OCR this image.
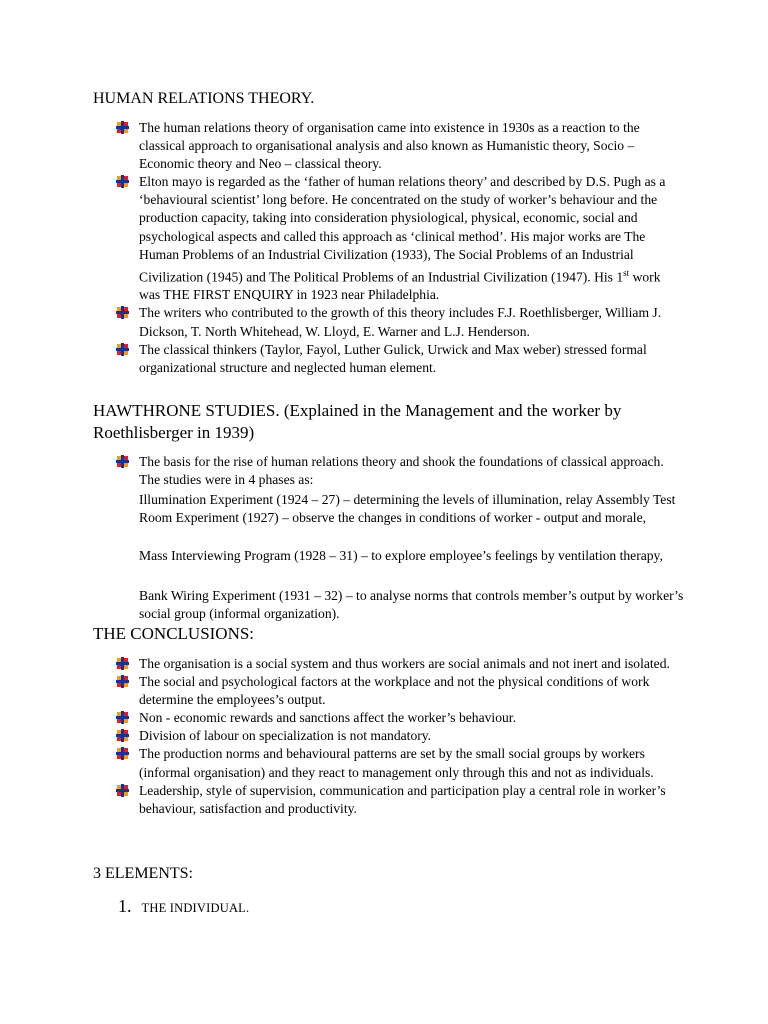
HUMAN RELATIONS THEORY.
The human relations theory of organisation came into existence in 1930s as a reaction to the classical approach to organisational analysis and also known as Humanistic theory, Socio – Economic theory and Neo – classical theory.
Elton mayo is regarded as the ‘father of human relations theory’ and described by D.S. Pugh as a ‘behavioural scientist’ long before. He concentrated on the study of worker’s behaviour and the production capacity, taking into consideration physiological, physical, economic, social and psychological aspects and called this approach as ‘clinical method’. His major works are The Human Problems of an Industrial Civilization (1933), The Social Problems of an Industrial Civilization (1945) and The Political Problems of an Industrial Civilization (1947). His 1st work was THE FIRST ENQUIRY in 1923 near Philadelphia.
The writers who contributed to the growth of this theory includes F.J. Roethlisberger, William J. Dickson, T. North Whitehead, W. Lloyd, E. Warner and L.J. Henderson.
The classical thinkers (Taylor, Fayol, Luther Gulick, Urwick and Max weber) stressed formal organizational structure and neglected human element.
HAWTHRONE STUDIES. (Explained in the Management and the worker by Roethlisberger in 1939)
The basis for the rise of human relations theory and shook the foundations of classical approach. The studies were in 4 phases as:
Illumination Experiment (1924 – 27) – determining the levels of illumination, relay Assembly Test Room Experiment (1927) – observe the changes in conditions of worker - output and morale,
Mass Interviewing Program (1928 – 31) – to explore employee’s feelings by ventilation therapy,
Bank Wiring Experiment (1931 – 32) – to analyse norms that controls member’s output by worker’s social group (informal organization).
THE CONCLUSIONS:
The organisation is a social system and thus workers are social animals and not inert and isolated.
The social and psychological factors at the workplace and not the physical conditions of work determine the employees’s output.
Non - economic rewards and sanctions affect the worker’s behaviour.
Division of labour on specialization is not mandatory.
The production norms and behavioural patterns are set by the small social groups by workers (informal organisation) and they react to management only through this and not as individuals.
Leadership, style of supervision, communication and participation play a central role in worker’s behaviour, satisfaction and productivity.
3 ELEMENTS:
1. THE INDIVIDUAL.
